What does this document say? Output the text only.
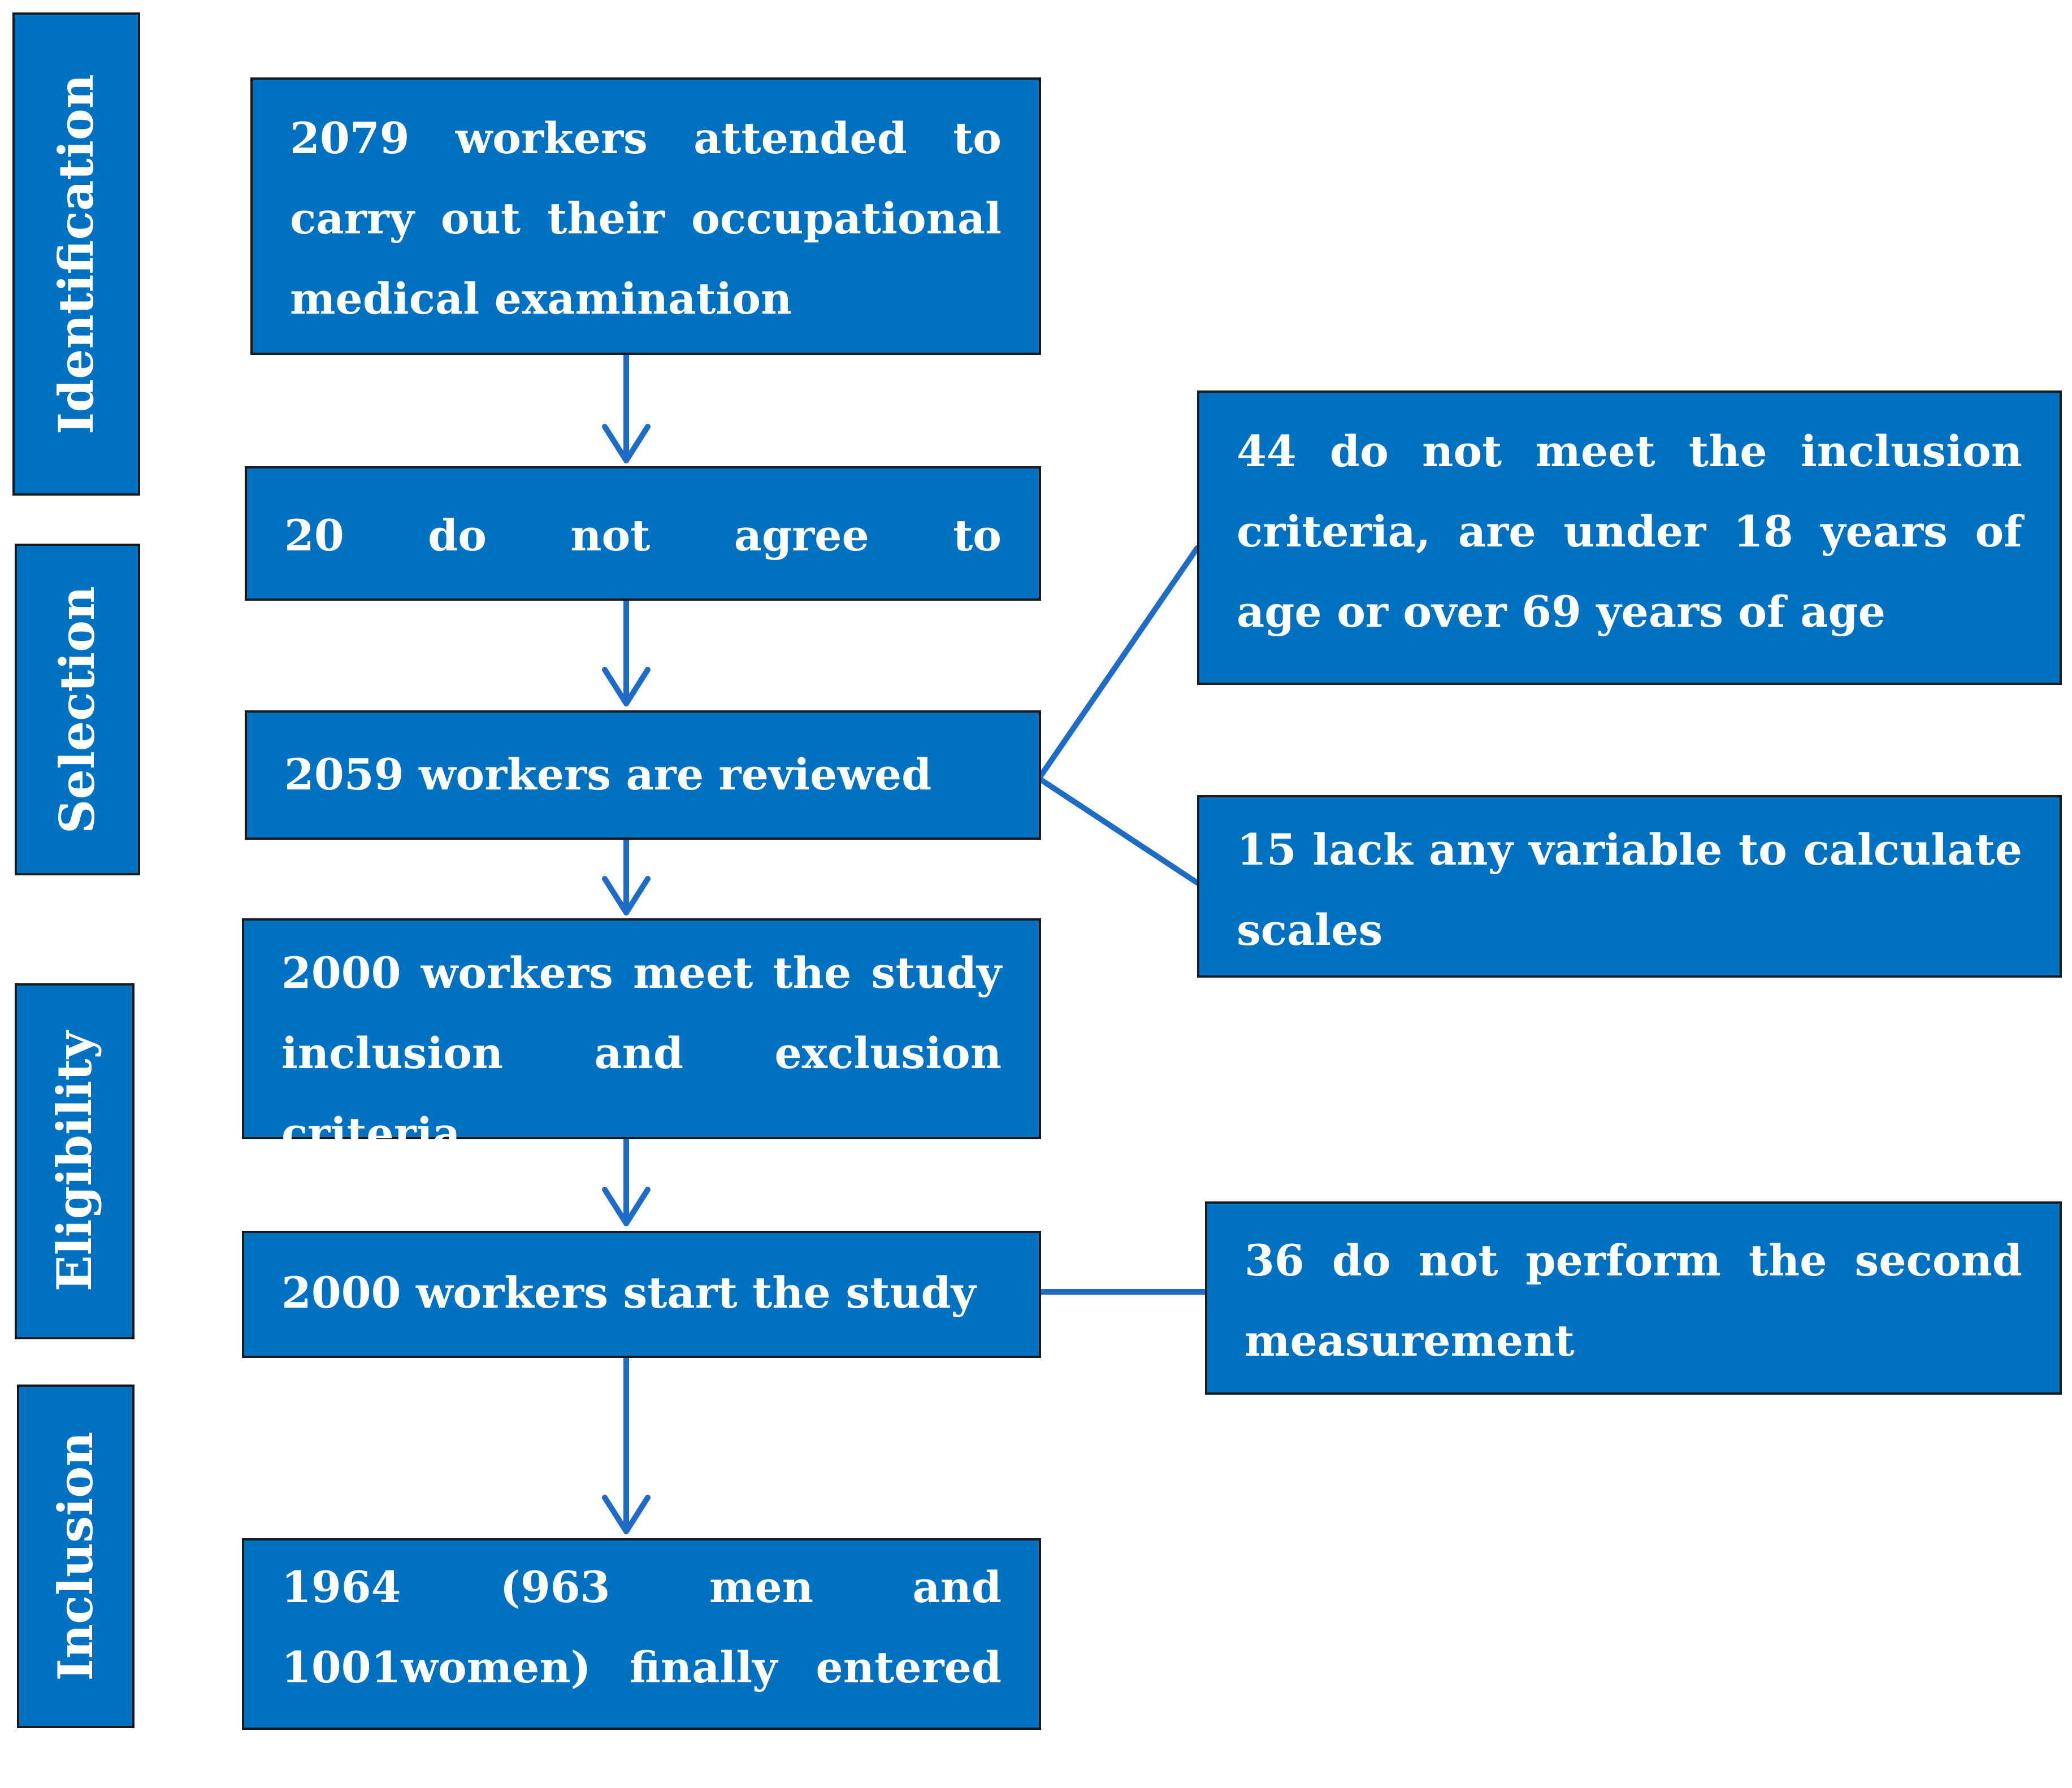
Identification
Selection
Eligibility
Inclusion
2079 workers attended to carry out their occupational medical examination
20 do not agree to participate
2059 workers are reviewed
2000 workers meet the study inclusion and exclusion criteria
2000 workers start the study
1964 (963 men and 1001women) finally entered the study
44 do not meet the inclusion criteria, are under 18 years of age or over 69 years of age
15 lack any variable to calculate scales
36 do not perform the second measurement
